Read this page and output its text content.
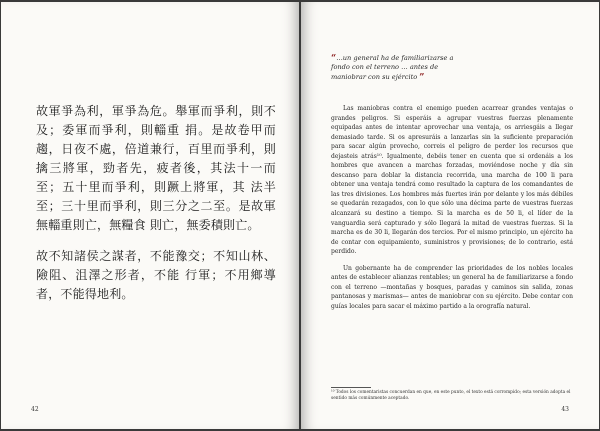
故軍爭為利，軍爭為危。舉軍而爭利，則不及；委軍而爭利，則輜重 捐。是故卷甲而趨，日夜不處，倍道兼行，百里而爭利，則擒三將軍，勁者先，疲者後，其法十一而至；五十里而爭利，則蹶上將軍，其 法半至；三十里而爭利，則三分之二至。是故軍無輜重則亡，無糧食 則亡，無委積則亡。

故不知諸侯之謀者，不能豫交；不知山林、險阻、沮澤之形者，不能 行軍；不用鄉導者，不能得地利。

42
“…un general ha de familiarizarse a fondo con el terreno … antes de maniobrar con su ejército ”

Las maniobras contra el enemigo pueden acarrear grandes ventajas o grandes peligros. Si esperáis a agrupar vuestras fuerzas plenamente equipadas antes de intentar aprovechar una ventaja, os arriesgáis a llegar demasiado tarde. Si os apresuráis a lanzarlas sin la suficiente preparación para sacar algún provecho, correis el peligro de perder los recursos que dejasteis atrás¹⁰. Igualmente, debéis tener en cuenta que si ordenáis a los hombres que avancen a marchas forzadas, moviéndose noche y día sin descanso para doblar la distancia recorrida, una marcha de 100 li para obtener una ventaja tendrá como resultado la captura de los comandantes de las tres divisiones. Los hombres más fuertes irán por delante y los más débiles se quedarán rezagados, con lo que sólo una décima parte de vuestras fuerzas alcanzará su destino a tiempo. Si la marcha es de 50 li, el líder de la vanguardia será capturado y sólo llegará la mitad de vuestras fuerzas. Si la marcha es de 30 li, llegarán dos tercios. Por el mismo principio, un ejército ha de contar con equipamiento, suministros y provisiones; de lo contrario, está perdido.

Un gobernante ha de comprender las prioridades de los nobles locales antes de establecer alianzas rentables; un general ha de familiarizarse a fondo con el terreno —montañas y bosques, paradas y caminos sin salida, zonas pantanosas y marismas— antes de maniobrar con su ejército. Debe contar con guías locales para sacar el máximo partido a la orografía natural.

¹⁰ Todos los comentaristas concuerdan en que, en este punto, el texto está corrompido; esta versión adopta el sentido más comúnmente aceptado.
43
